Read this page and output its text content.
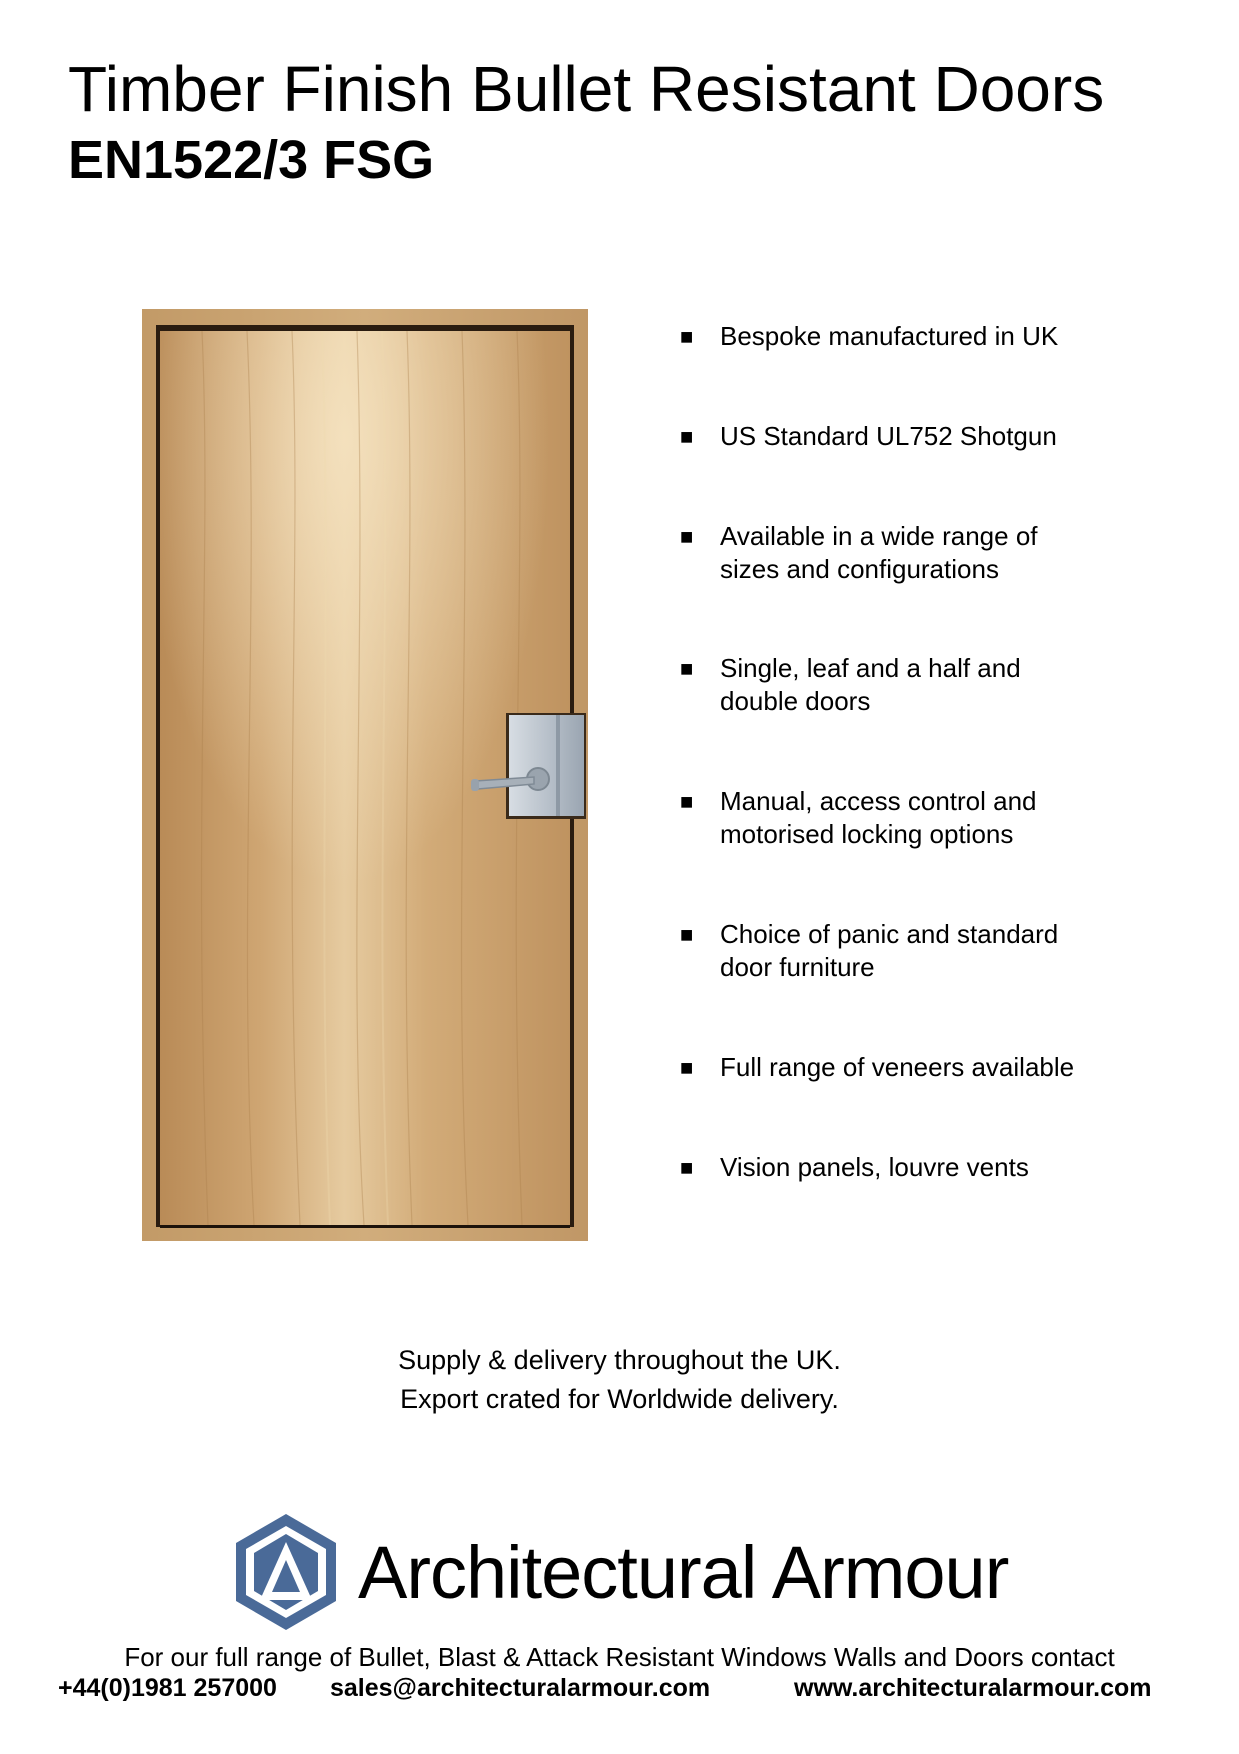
Timber Finish Bullet Resistant Doors
EN1522/3 FSG
■	Bespoke manufactured in UK
■	US Standard UL752 Shotgun
■	Available in a wide range of
sizes and configurations
■	Single, leaf and a half and
double doors
■	Manual, access control and
motorised locking options
■	Choice of panic and standard
door furniture
■	Full range of veneers available
■	Vision panels, louvre vents
Supply & delivery throughout the UK.
Export crated for Worldwide delivery.
Architectural Armour
For our full range of Bullet, Blast & Attack Resistant Windows Walls and Doors contact
+44(0)1981 257000 sales@architecturalarmour.com	www.architecturalarmour.com
